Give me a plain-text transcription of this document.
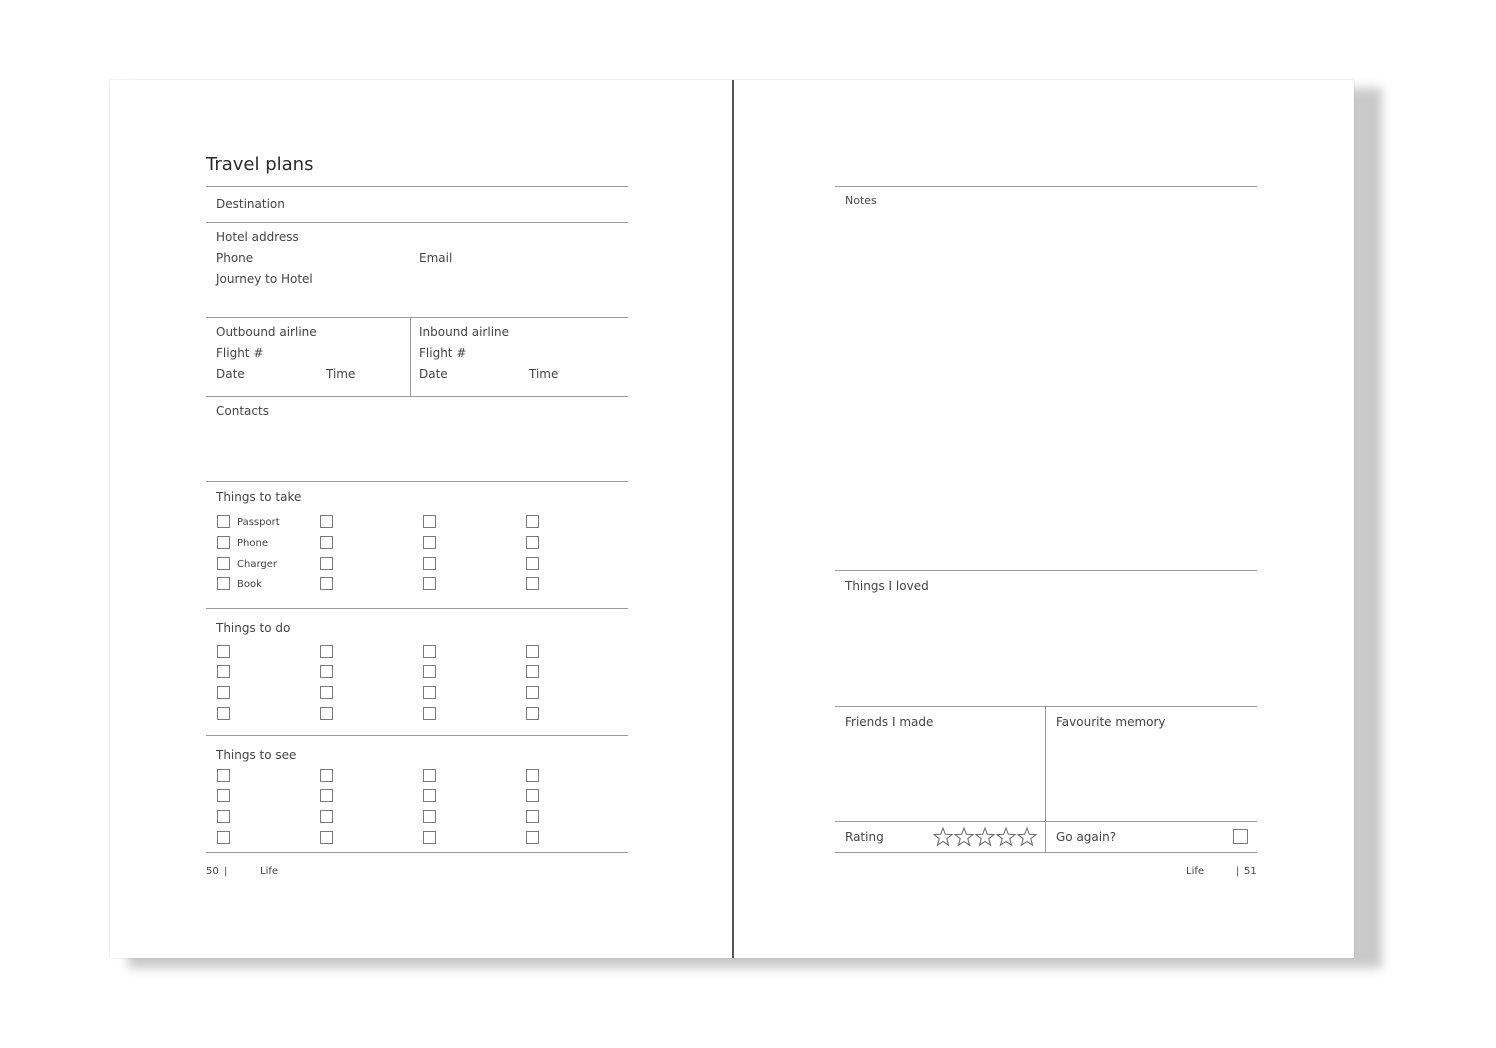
Travel plans
Destination
Hotel address
Phone	Email
Journey to Hotel
Outbound airline
Flight #
Date	Time
Inbound airline
Flight #
Date	Time
Contacts
Things to take
Passport
Phone
Charger
Book
Things to do
Things to see
50 |	Life
Notes
Things I loved
Friends I made	Favourite memory
Rating	Go again?
Life	| 51
